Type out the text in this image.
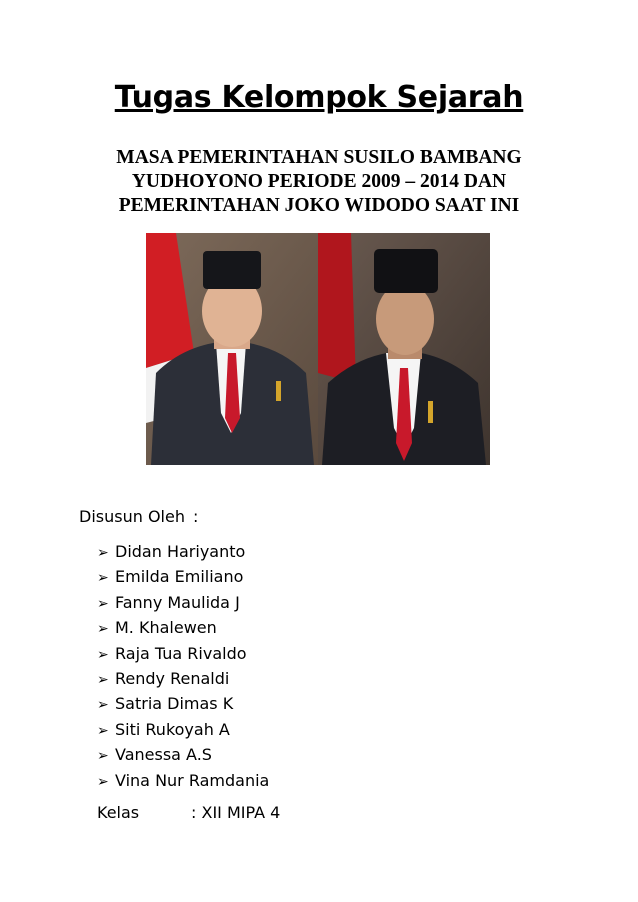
Tugas Kelompok Sejarah
MASA PEMERINTAHAN SUSILO BAMBANG
YUDHOYONO PERIODE 2009 – 2014 DAN
PEMERINTAHAN JOKO WIDODO SAAT INI
Disusun Oleh :
➢ Didan Hariyanto
➢ Emilda Emiliano
➢ Fanny Maulida J
➢ M. Khalewen
➢ Raja Tua Rivaldo
➢ Rendy Renaldi
➢ Satria Dimas K
➢ Siti Rukoyah A
➢ Vanessa A.S
➢ Vina Nur Ramdania
Kelas	: XII MIPA 4
